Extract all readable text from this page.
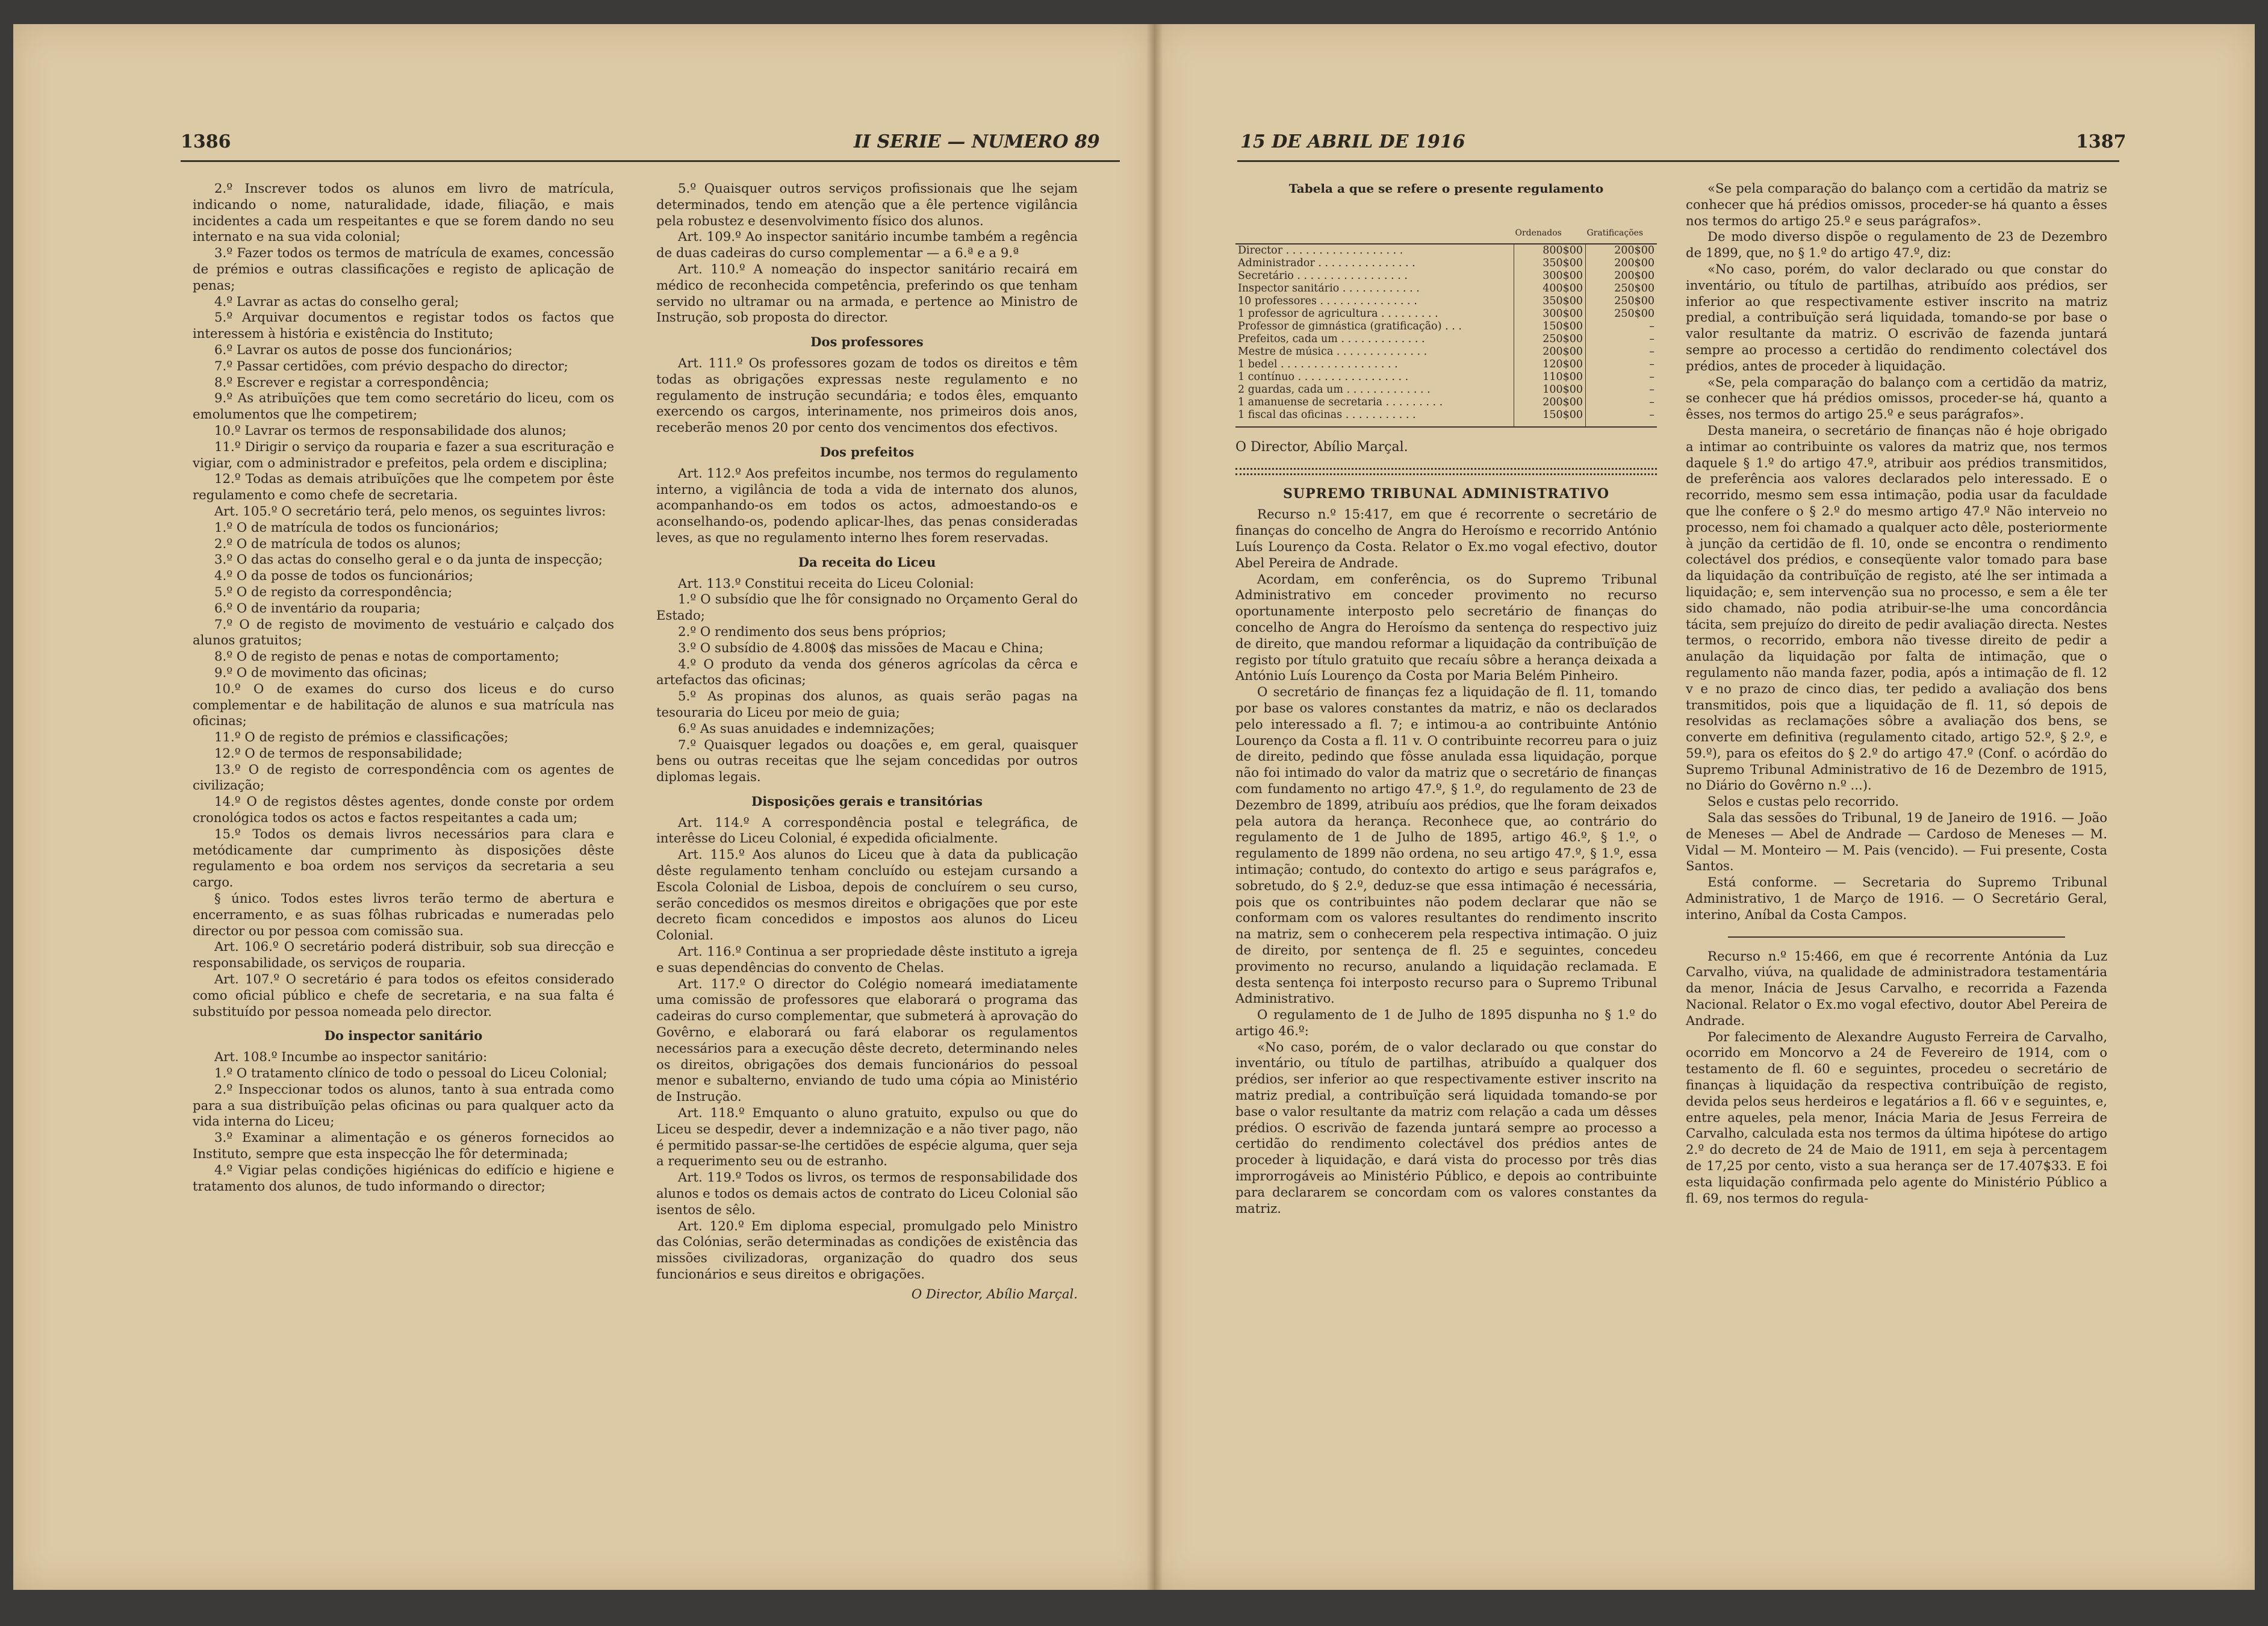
1386	II SERIE — NUMERO 89	15 DE ABRIL DE 1916	1387

2.º Inscrever todos os alunos em livro de matrícula, indicando o nome, naturalidade, idade, filiação, e mais incidentes a cada um respeitantes e que se forem dando no seu internato e na sua vida colonial;

3.º Fazer todos os termos de matrícula de exames, concessão de prémios e outras classificações e registo de aplicação de penas;

4.º Lavrar as actas do conselho geral;

5.º Arquivar documentos e registar todos os factos que interessem à história e existência do Instituto;

6.º Lavrar os autos de posse dos funcionários;

7.º Passar certidões, com prévio despacho do director;

8.º Escrever e registar a correspondência;

9.º As atribuïções que tem como secretário do liceu, com os emolumentos que lhe competirem;

10.º Lavrar os termos de responsabilidade dos alunos;

11.º Dirigir o serviço da rouparia e fazer a sua escrituração e vigiar, com o administrador e prefeitos, pela ordem e disciplina;

12.º Todas as demais atribuïções que lhe competem por êste regulamento e como chefe de secretaria.

Art. 105.º O secretário terá, pelo menos, os seguintes livros:

1.º O de matrícula de todos os funcionários;

2.º O de matrícula de todos os alunos;

3.º O das actas do conselho geral e o da junta de inspecção;

4.º O da posse de todos os funcionários;

5.º O de registo da correspondência;

6.º O de inventário da rouparia;

7.º O de registo de movimento de vestuário e calçado dos alunos gratuitos;

8.º O de registo de penas e notas de comportamento;

9.º O de movimento das oficinas;

10.º O de exames do curso dos liceus e do curso complementar e de habilitação de alunos e sua matrícula nas oficinas;

11.º O de registo de prémios e classificações;

12.º O de termos de responsabilidade;

13.º O de registo de correspondência com os agentes de civilização;

14.º O de registos dêstes agentes, donde conste por ordem cronológica todos os actos e factos respeitantes a cada um;

15.º Todos os demais livros necessários para clara e metódicamente dar cumprimento às disposições dêste regulamento e boa ordem nos serviços da secretaria a seu cargo.

§ único. Todos estes livros terão termo de abertura e encerramento, e as suas fôlhas rubricadas e numeradas pelo director ou por pessoa com comissão sua.

Art. 106.º O secretário poderá distribuir, sob sua direcção e responsabilidade, os serviços de rouparia.

Art. 107.º O secretário é para todos os efeitos considerado como oficial público e chefe de secretaria, e na sua falta é substituído por pessoa nomeada pelo director.

Do inspector sanitário

Art. 108.º Incumbe ao inspector sanitário:

1.º O tratamento clínico de todo o pessoal do Liceu Colonial;

2.º Inspeccionar todos os alunos, tanto à sua entrada como para a sua distribuïção pelas oficinas ou para qualquer acto da vida interna do Liceu;

3.º Examinar a alimentação e os géneros fornecidos ao Instituto, sempre que esta inspecção lhe fôr determinada;

4.º Vigiar pelas condições higiénicas do edifício e higiene e tratamento dos alunos, de tudo informando o director;

5.º Quaisquer outros serviços profissionais que lhe sejam determinados, tendo em atenção que a êle pertence vigilância pela robustez e desenvolvimento físico dos alunos.

Art. 109.º Ao inspector sanitário incumbe também a regência de duas cadeiras do curso complementar — a 6.ª e a 9.ª

Art. 110.º A nomeação do inspector sanitário recairá em médico de reconhecida competência, preferindo os que tenham servido no ultramar ou na armada, e pertence ao Ministro de Instrução, sob proposta do director.

Dos professores

Art. 111.º Os professores gozam de todos os direitos e têm todas as obrigações expressas neste regulamento e no regulamento de instrução secundária; e todos êles, emquanto exercendo os cargos, interinamente, nos primeiros dois anos, receberão menos 20 por cento dos vencimentos dos efectivos.

Dos prefeitos

Art. 112.º Aos prefeitos incumbe, nos termos do regulamento interno, a vigilância de toda a vida de internato dos alunos, acompanhando-os em todos os actos, admoestando-os e aconselhando-os, podendo aplicar-lhes, das penas consideradas leves, as que no regulamento interno lhes forem reservadas.

Da receita do Liceu

Art. 113.º Constitui receita do Liceu Colonial:

1.º O subsídio que lhe fôr consignado no Orçamento Geral do Estado;

2.º O rendimento dos seus bens próprios;

3.º O subsídio de 4.800$ das missões de Macau e China;

4.º O produto da venda dos géneros agrícolas da cêrca e artefactos das oficinas;

5.º As propinas dos alunos, as quais serão pagas na tesouraria do Liceu por meio de guia;

6.º As suas anuidades e indemnizações;

7.º Quaisquer legados ou doações e, em geral, quaisquer bens ou outras receitas que lhe sejam concedidas por outros diplomas legais.

Disposições gerais e transitórias

Art. 114.º A correspondência postal e telegráfica, de interêsse do Liceu Colonial, é expedida oficialmente.

Art. 115.º Aos alunos do Liceu que à data da publicação dêste regulamento tenham concluído ou estejam cursando a Escola Colonial de Lisboa, depois de concluírem o seu curso, serão concedidos os mesmos direitos e obrigações que por este decreto ficam concedidos e impostos aos alunos do Liceu Colonial.

Art. 116.º Continua a ser propriedade dêste instituto a igreja e suas dependências do convento de Chelas.

Art. 117.º O director do Colégio nomeará imediatamente uma comissão de professores que elaborará o programa das cadeiras do curso complementar, que submeterá à aprovação do Govêrno, e elaborará ou fará elaborar os regulamentos necessários para a execução dêste decreto, determinando neles os direitos, obrigações dos demais funcionários do pessoal menor e subalterno, enviando de tudo uma cópia ao Ministério de Instrução.

Art. 118.º Emquanto o aluno gratuito, expulso ou que do Liceu se despedir, dever a indemnização e a não tiver pago, não é permitido passar-se-lhe certidões de espécie alguma, quer seja a requerimento seu ou de estranho.

Art. 119.º Todos os livros, os termos de responsabilidade dos alunos e todos os demais actos de contrato do Liceu Colonial são isentos de sêlo.

Art. 120.º Em diploma especial, promulgado pelo Ministro das Colónias, serão determinadas as condições de existência das missões civilizadoras, organização do quadro dos seus funcionários e seus direitos e obrigações.

O Director, Abílio Marçal.

Tabela a que se refere o presente regulamento
	Ordenados	Gratificações
Director . . . . . . . . . . . . . . . . . .	800$00	200$00
Administrador . . . . . . . . . . . . . . .	350$00	200$00
Secretário . . . . . . . . . . . . . . . . .	300$00	200$00
Inspector sanitário . . . . . . . . . . . .	400$00	250$00
10 professores . . . . . . . . . . . . . . .	350$00	250$00
1 professor de agricultura . . . . . . . . .	300$00	250$00
Professor de gimnástica (gratificação) . . .	150$00	–
Prefeitos, cada um . . . . . . . . . . . . .	250$00	–
Mestre de música . . . . . . . . . . . . . .	200$00	–
1 bedel . . . . . . . . . . . . . . . . . .	120$00	–
1 contínuo . . . . . . . . . . . . . . . . .	110$00	–
2 guardas, cada um . . . . . . . . . . . . .	100$00	–
1 amanuense de secretaria . . . . . . . . .	200$00	–
1 fiscal das oficinas . . . . . . . . . . .	150$00	–

O Director, Abílio Marçal.

SUPREMO TRIBUNAL ADMINISTRATIVO

Recurso n.º 15:417, em que é recorrente o secretário de finanças do concelho de Angra do Heroísmo e recorrido António Luís Lourenço da Costa. Relator o Ex.mo vogal efectivo, doutor Abel Pereira de Andrade.

Acordam, em conferência, os do Supremo Tribunal Administrativo em conceder provimento no recurso oportunamente interposto pelo secretário de finanças do concelho de Angra do Heroísmo da sentença do respectivo juiz de direito, que mandou reformar a liquidação da contribuïção de registo por título gratuito que recaíu sôbre a herança deixada a António Luís Lourenço da Costa por Maria Belém Pinheiro.

O secretário de finanças fez a liquidação de fl. 11, tomando por base os valores constantes da matriz, e não os declarados pelo interessado a fl. 7; e intimou-a ao contribuinte António Lourenço da Costa a fl. 11 v. O contribuinte recorreu para o juiz de direito, pedindo que fôsse anulada essa liquidação, porque não foi intimado do valor da matriz que o secretário de finanças com fundamento no artigo 47.º, § 1.º, do regulamento de 23 de Dezembro de 1899, atribuíu aos prédios, que lhe foram deixados pela autora da herança. Reconhece que, ao contrário do regulamento de 1 de Julho de 1895, artigo 46.º, § 1.º, o regulamento de 1899 não ordena, no seu artigo 47.º, § 1.º, essa intimação; contudo, do contexto do artigo e seus parágrafos e, sobretudo, do § 2.º, deduz-se que essa intimação é necessária, pois que os contribuintes não podem declarar que não se conformam com os valores resultantes do rendimento inscrito na matriz, sem o conhecerem pela respectiva intimação. O juiz de direito, por sentença de fl. 25 e seguintes, concedeu provimento no recurso, anulando a liquidação reclamada. E desta sentença foi interposto recurso para o Supremo Tribunal Administrativo.

O regulamento de 1 de Julho de 1895 dispunha no § 1.º do artigo 46.º:

«No caso, porém, de o valor declarado ou que constar do inventário, ou título de partilhas, atribuído a qualquer dos prédios, ser inferior ao que respectivamente estiver inscrito na matriz predial, a contribuïção será liquidada tomando-se por base o valor resultante da matriz com relação a cada um dêsses prédios. O escrivão de fazenda juntará sempre ao processo a certidão do rendimento colectável dos prédios antes de proceder à liquidação, e dará vista do processo por três dias improrrogáveis ao Ministério Público, e depois ao contribuinte para declararem se concordam com os valores constantes da matriz.

«Se pela comparação do balanço com a certidão da matriz se conhecer que há prédios omissos, proceder-se há quanto a êsses nos termos do artigo 25.º e seus parágrafos».

De modo diverso dispõe o regulamento de 23 de Dezembro de 1899, que, no § 1.º do artigo 47.º, diz:

«No caso, porém, do valor declarado ou que constar do inventário, ou título de partilhas, atribuído aos prédios, ser inferior ao que respectivamente estiver inscrito na matriz predial, a contribuïção será liquidada, tomando-se por base o valor resultante da matriz. O escrivão de fazenda juntará sempre ao processo a certidão do rendimento colectável dos prédios, antes de proceder à liquidação.

«Se, pela comparação do balanço com a certidão da matriz, se conhecer que há prédios omissos, proceder-se há, quanto a êsses, nos termos do artigo 25.º e seus parágrafos».

Desta maneira, o secretário de finanças não é hoje obrigado a intimar ao contribuinte os valores da matriz que, nos termos daquele § 1.º do artigo 47.º, atribuir aos prédios transmitidos, de preferência aos valores declarados pelo interessado. E o recorrido, mesmo sem essa intimação, podia usar da faculdade que lhe confere o § 2.º do mesmo artigo 47.º Não interveio no processo, nem foi chamado a qualquer acto dêle, posteriormente à junção da certidão de fl. 10, onde se encontra o rendimento colectável dos prédios, e conseqüente valor tomado para base da liquidação da contribuïção de registo, até lhe ser intimada a liquidação; e, sem intervenção sua no processo, e sem a êle ter sido chamado, não podia atribuir-se-lhe uma concordância tácita, sem prejuízo do direito de pedir avaliação directa. Nestes termos, o recorrido, embora não tivesse direito de pedir a anulação da liquidação por falta de intimação, que o regulamento não manda fazer, podia, após a intimação de fl. 12 v e no prazo de cinco dias, ter pedido a avaliação dos bens transmitidos, pois que a liquidação de fl. 11, só depois de resolvidas as reclamações sôbre a avaliação dos bens, se converte em definitiva (regulamento citado, artigo 52.º, § 2.º, e 59.º), para os efeitos do § 2.º do artigo 47.º (Conf. o acórdão do Supremo Tribunal Administrativo de 16 de Dezembro de 1915, no Diário do Govêrno n.º ...).

Selos e custas pelo recorrido.

Sala das sessões do Tribunal, 19 de Janeiro de 1916. — João de Meneses — Abel de Andrade — Cardoso de Meneses — M. Vidal — M. Monteiro — M. Pais (vencido). — Fui presente, Costa Santos.

Está conforme. — Secretaria do Supremo Tribunal Administrativo, 1 de Março de 1916. — O Secretário Geral, interino, Aníbal da Costa Campos.

Recurso n.º 15:466, em que é recorrente Antónia da Luz Carvalho, viúva, na qualidade de administradora testamentária da menor, Inácia de Jesus Carvalho, e recorrida a Fazenda Nacional. Relator o Ex.mo vogal efectivo, doutor Abel Pereira de Andrade.

Por falecimento de Alexandre Augusto Ferreira de Carvalho, ocorrido em Moncorvo a 24 de Fevereiro de 1914, com o testamento de fl. 60 e seguintes, procedeu o secretário de finanças à liquidação da respectiva contribuïção de registo, devida pelos seus herdeiros e legatários a fl. 66 v e seguintes, e, entre aqueles, pela menor, Inácia Maria de Jesus Ferreira de Carvalho, calculada esta nos termos da última hipótese do artigo 2.º do decreto de 24 de Maio de 1911, em seja à percentagem de 17,25 por cento, visto a sua herança ser de 17.407$33. E foi esta liquidação confirmada pelo agente do Ministério Público a fl. 69, nos termos do regula-
